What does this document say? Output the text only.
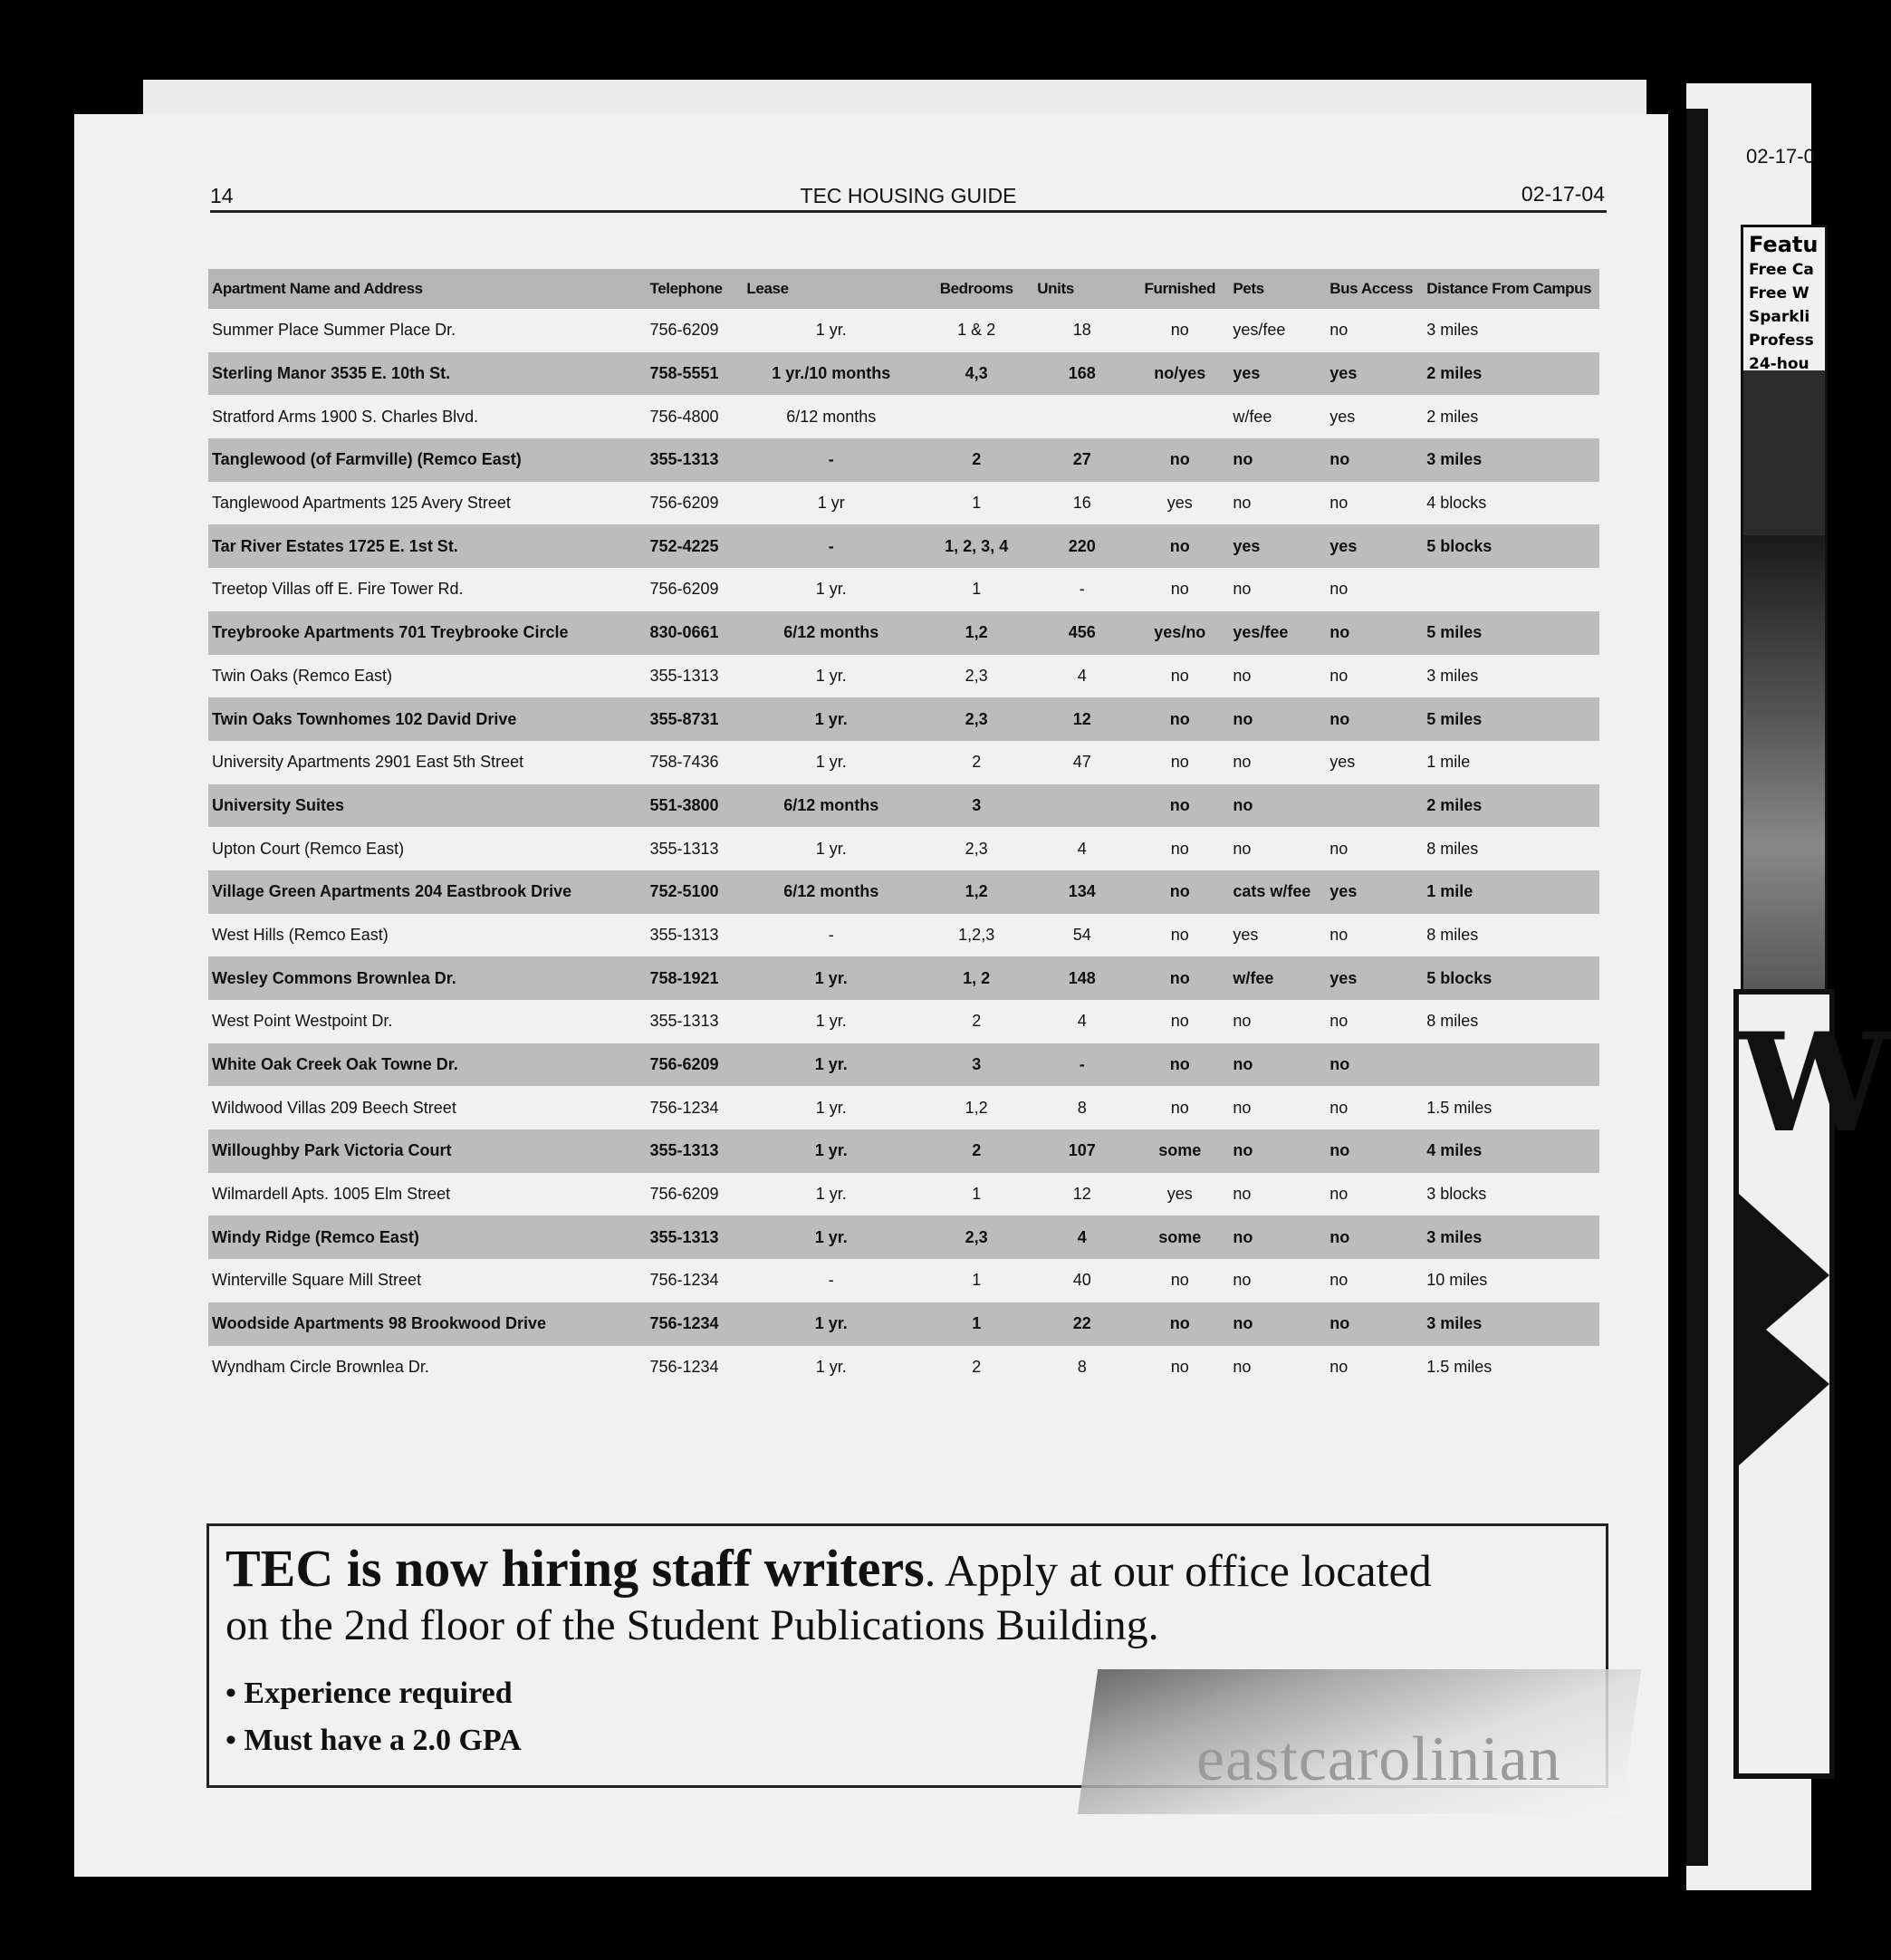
02-17-0
Featu
Free Ca
Free W
Sparkli
Profess
24-hou
W
14	TEC HOUSING GUIDE	02-17-04
Apartment Name and Address	Telephone	Lease	Bedrooms	Units	Furnished	Pets	Bus Access	Distance From Campus
Summer Place Summer Place Dr.	756-6209	1 yr.	1 & 2	18	no	yes/fee	no	3 miles
Sterling Manor 3535 E. 10th St.	758-5551	1 yr./10 months	4,3	168	no/yes	yes	yes	2 miles
Stratford Arms 1900 S. Charles Blvd.	756-4800	6/12 months				w/fee	yes	2 miles
Tanglewood (of Farmville) (Remco East)	355-1313	-	2	27	no	no	no	3 miles
Tanglewood Apartments 125 Avery Street	756-6209	1 yr	1	16	yes	no	no	4 blocks
Tar River Estates 1725 E. 1st St.	752-4225	-	1, 2, 3, 4	220	no	yes	yes	5 blocks
Treetop Villas off E. Fire Tower Rd.	756-6209	1 yr.	1	-	no	no	no	
Treybrooke Apartments 701 Treybrooke Circle	830-0661	6/12 months	1,2	456	yes/no	yes/fee	no	5 miles
Twin Oaks (Remco East)	355-1313	1 yr.	2,3	4	no	no	no	3 miles
Twin Oaks Townhomes 102 David Drive	355-8731	1 yr.	2,3	12	no	no	no	5 miles
University Apartments 2901 East 5th Street	758-7436	1 yr.	2	47	no	no	yes	1 mile
University Suites	551-3800	6/12 months	3		no	no		2 miles
Upton Court (Remco East)	355-1313	1 yr.	2,3	4	no	no	no	8 miles
Village Green Apartments 204 Eastbrook Drive	752-5100	6/12 months	1,2	134	no	cats w/fee	yes	1 mile
West Hills (Remco East)	355-1313	-	1,2,3	54	no	yes	no	8 miles
Wesley Commons Brownlea Dr.	758-1921	1 yr.	1, 2	148	no	w/fee	yes	5 blocks
West Point Westpoint Dr.	355-1313	1 yr.	2	4	no	no	no	8 miles
White Oak Creek Oak Towne Dr.	756-6209	1 yr.	3	-	no	no	no	
Wildwood Villas 209 Beech Street	756-1234	1 yr.	1,2	8	no	no	no	1.5 miles
Willoughby Park Victoria Court	355-1313	1 yr.	2	107	some	no	no	4 miles
Wilmardell Apts. 1005 Elm Street	756-6209	1 yr.	1	12	yes	no	no	3 blocks
Windy Ridge (Remco East)	355-1313	1 yr.	2,3	4	some	no	no	3 miles
Winterville Square Mill Street	756-1234	-	1	40	no	no	no	10 miles
Woodside Apartments 98 Brookwood Drive	756-1234	1 yr.	1	22	no	no	no	3 miles
Wyndham Circle Brownlea Dr.	756-1234	1 yr.	2	8	no	no	no	1.5 miles
eastcarolinian
TEC is now hiring staff writers. Apply at our office located
on the 2nd floor of the Student Publications Building.
• Experience required
• Must have a 2.0 GPA
